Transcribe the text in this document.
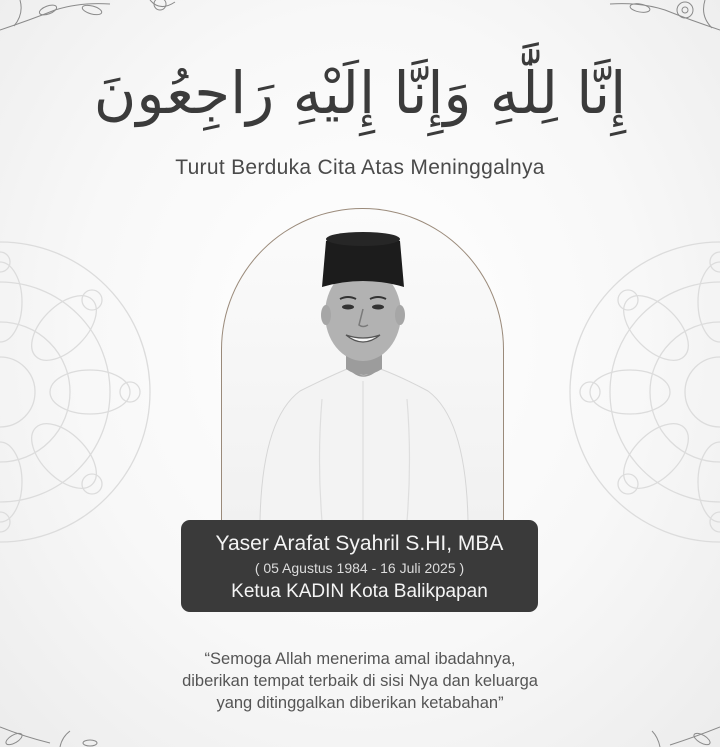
إِنَّا لِلَّٰهِ وَإِنَّا إِلَيْهِ رَاجِعُونَ
Turut Berduka Cita Atas Meninggalnya
Yaser Arafat Syahril S.HI, MBA
( 05 Agustus 1984 - 16 Juli 2025 )
Ketua KADIN Kota Balikpapan
“Semoga Allah menerima amal ibadahnya,
diberikan tempat terbaik di sisi Nya dan keluarga
yang ditinggalkan diberikan ketabahan”
